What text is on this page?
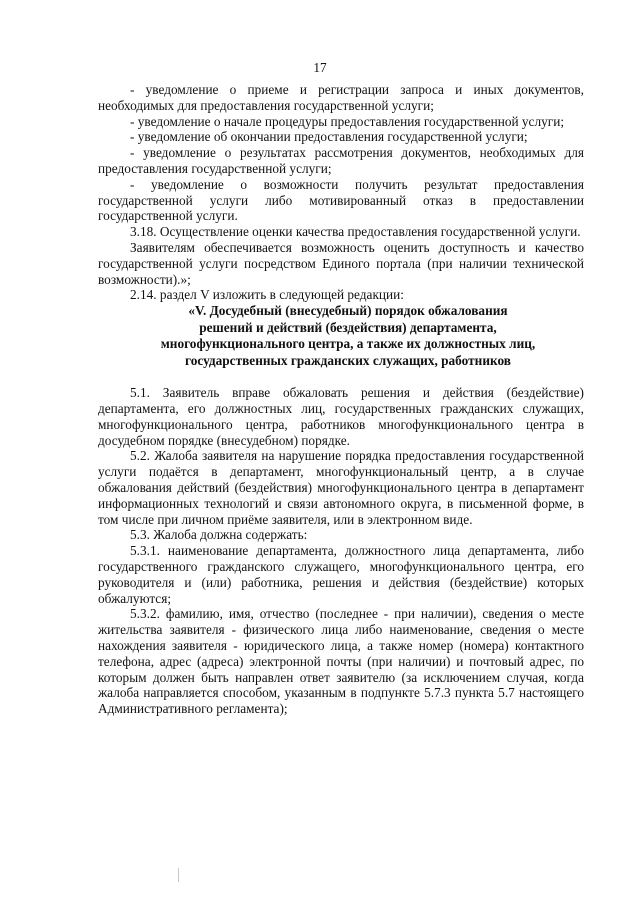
17

- уведомление о приеме и регистрации запроса и иных документов, необходимых для предоставления государственной услуги;

- уведомление о начале процедуры предоставления государственной услуги;

- уведомление об окончании предоставления государственной услуги;

- уведомление о результатах рассмотрения документов, необходимых для предоставления государственной услуги;

- уведомление о возможности получить результат предоставления государственной услуги либо мотивированный отказ в предоставлении государственной услуги.

3.18. Осуществление оценки качества предоставления государственной услуги.

Заявителям обеспечивается возможность оценить доступность и качество государственной услуги посредством Единого портала (при наличии технической возможности).»;

2.14. раздел V изложить в следующей редакции:

«V. Досудебный (внесудебный) порядок обжалования

решений и действий (бездействия) департамента,

многофункционального центра, а также их должностных лиц,

государственных гражданских служащих, работников

5.1. Заявитель вправе обжаловать решения и действия (бездействие) департамента, его должностных лиц, государственных гражданских служащих, многофункционального центра, работников многофункционального центра в досудебном порядке (внесудебном) порядке.

5.2. Жалоба заявителя на нарушение порядка предоставления государственной услуги подаётся в департамент, многофункциональный центр, а в случае обжалования действий (бездействия) многофункционального центра в департамент информационных технологий и связи автономного округа, в письменной форме, в том числе при личном приёме заявителя, или в электронном виде.

5.3. Жалоба должна содержать:

5.3.1. наименование департамента, должностного лица департамента, либо государственного гражданского служащего, многофункционального центра, его руководителя и (или) работника, решения и действия (бездействие) которых обжалуются;

5.3.2. фамилию, имя, отчество (последнее - при наличии), сведения о месте жительства заявителя - физического лица либо наименование, сведения о месте нахождения заявителя - юридического лица, а также номер (номера) контактного телефона, адрес (адреса) электронной почты (при наличии) и почтовый адрес, по которым должен быть направлен ответ заявителю (за исключением случая, когда жалоба направляется способом, указанным в подпункте 5.7.3 пункта 5.7 настоящего Административного регламента);
